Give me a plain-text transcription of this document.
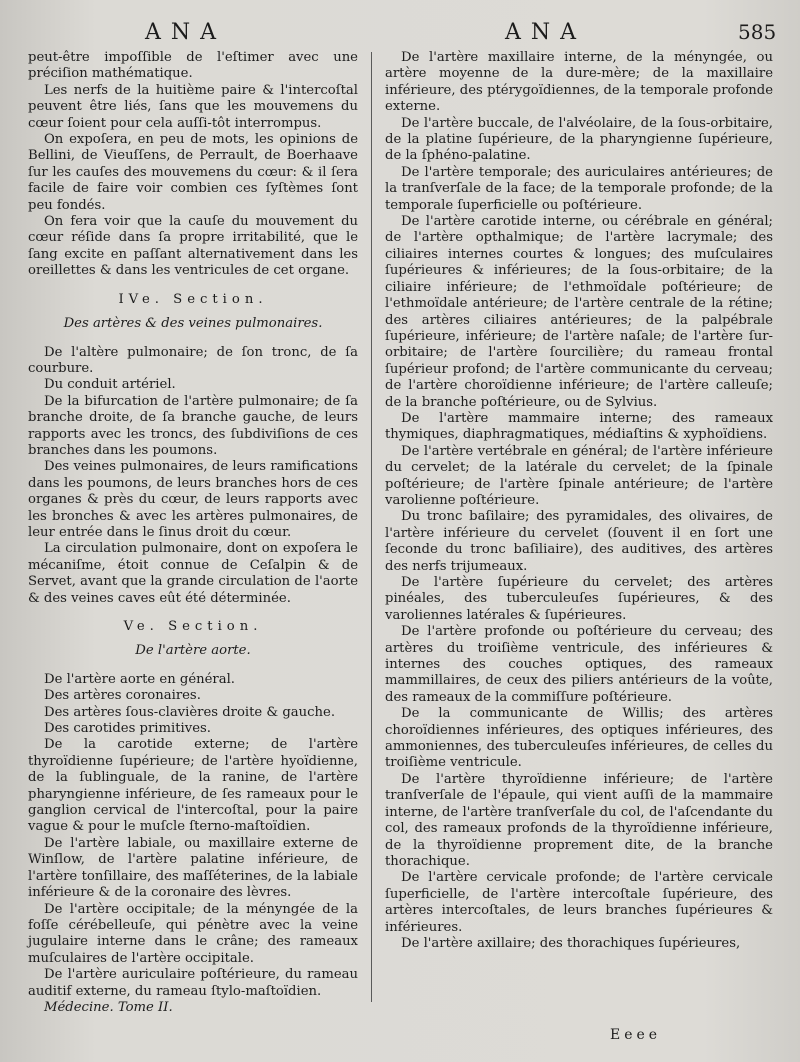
ANA	ANA	585

peut-être impoſſible de l'eſtimer avec une préciſion mathématique.

Les nerfs de la huitième paire & l'intercoſtal peuvent être liés, ſans que les mouvemens du cœur ſoient pour cela auſſi-tôt interrompus.

On expoſera, en peu de mots, les opinions de Bellini, de Vieuſſens, de Perrault, de Boerhaave ſur les cauſes des mouvemens du cœur: & il ſera facile de faire voir combien ces ſyſtèmes ſont peu fondés.

On fera voir que la cauſe du mouvement du cœur réſide dans ſa propre irritabilité, que le ſang excite en paſſant alternativement dans les oreillettes & dans les ventricules de cet organe.

IVe. Section.

Des artères & des veines pulmonaires.

De l'altère pulmonaire; de ſon tronc, de ſa courbure.

Du conduit artériel.

De la bifurcation de l'artère pulmonaire; de ſa branche droite, de ſa branche gauche, de leurs rapports avec les troncs, des ſubdiviſions de ces branches dans les poumons.

Des veines pulmonaires, de leurs ramifications dans les poumons, de leurs branches hors de ces organes & près du cœur, de leurs rapports avec les bronches & avec les artères pulmonaires, de leur entrée dans le ſinus droit du cœur.

La circulation pulmonaire, dont on expoſera le mécaniſme, étoit connue de Ceſalpin & de Servet, avant que la grande circulation de l'aorte & des veines caves eût été déterminée.

Ve. Section.

De l'artère aorte.

De l'artère aorte en général.

Des artères coronaires.

Des artères ſous-clavières droite & gauche.

Des carotides primitives.

De la carotide externe; de l'artère thyroïdienne ſupérieure; de l'artère hyoïdienne, de la ſublinguale, de la ranine, de l'artère pharyngienne inférieure, de ſes rameaux pour le ganglion cervical de l'intercoſtal, pour la paire vague & pour le muſcle ſterno-maſtoïdien.

De l'artère labiale, ou maxillaire externe de Winſlow, de l'artère palatine inférieure, de l'artère tonſillaire, des maſſéterines, de la labiale inférieure & de la coronaire des lèvres.

De l'artère occipitale; de la ményngée de la foſſe cérébelleuſe, qui pénètre avec la veine jugulaire interne dans le crâne; des rameaux muſculaires de l'artère occipitale.

De l'artère auriculaire poſtérieure, du rameau auditif externe, du rameau ſtylo-maſtoïdien.

Médecine. Tome II.

De l'artère maxillaire interne, de la ményngée, ou artère moyenne de la dure-mère; de la maxillaire inférieure, des ptérygoïdiennes, de la temporale profonde externe.

De l'artère buccale, de l'alvéolaire, de la ſous-orbitaire, de la platine ſupérieure, de la pharyngienne ſupérieure, de la ſphéno-palatine.

De l'artère temporale; des auriculaires antérieures; de la tranſverſale de la face; de la temporale profonde; de la temporale ſuperficielle ou poſtérieure.

De l'artère carotide interne, ou cérébrale en général; de l'artère opthalmique; de l'artère lacrymale; des ciliaires internes courtes & longues; des muſculaires ſupérieures & inférieures; de la ſous-orbitaire; de la ciliaire inférieure; de l'ethmoïdale poſtérieure; de l'ethmoïdale antérieure; de l'artère centrale de la rétine; des artères ciliaires antérieures; de la palpébrale ſupérieure, inférieure; de l'artère naſale; de l'artère ſur-orbitaire; de l'artère ſourcilière; du rameau frontal ſupérieur profond; de l'artère communicante du cerveau; de l'artère choroïdienne inférieure; de l'artère calleuſe; de la branche poſtérieure, ou de Sylvius.

De l'artère mammaire interne; des rameaux thymiques, diaphragmatiques, médiaſtins & xyphoïdiens.

De l'artère vertébrale en général; de l'artère inférieure du cervelet; de la latérale du cervelet; de la ſpinale poſtérieure; de l'artère ſpinale antérieure; de l'artère varolienne poſtérieure.

Du tronc baſilaire; des pyramidales, des olivaires, de l'artère inférieure du cervelet (ſouvent il en ſort une ſeconde du tronc baſiliaire), des auditives, des artères des nerfs trijumeaux.

De l'artère ſupérieure du cervelet; des artères pinéales, des tuberculeuſes ſupérieures, & des varoliennes latérales & ſupérieures.

De l'artère profonde ou poſtérieure du cerveau; des artères du troiſième ventricule, des inférieures & internes des couches optiques, des rameaux mammillaires, de ceux des piliers antérieurs de la voûte, des rameaux de la commiſſure poſtérieure.

De la communicante de Willis; des artères choroïdiennes inférieures, des optiques inférieures, des ammoniennes, des tuberculeuſes inférieures, de celles du troiſième ventricule.

De l'artère thyroïdienne inférieure; de l'artère tranſverſale de l'épaule, qui vient auſſi de la mammaire interne, de l'artère tranſverſale du col, de l'aſcendante du col, des rameaux profonds de la thyroïdienne inférieure, de la thyroïdienne proprement dite, de la branche thorachique.

De l'artère cervicale profonde; de l'artère cervicale ſuperficielle, de l'artère intercoſtale ſupérieure, des artères intercoſtales, de leurs branches ſupérieures & inférieures.

De l'artère axillaire; des thorachiques ſupérieures,

Eeee
